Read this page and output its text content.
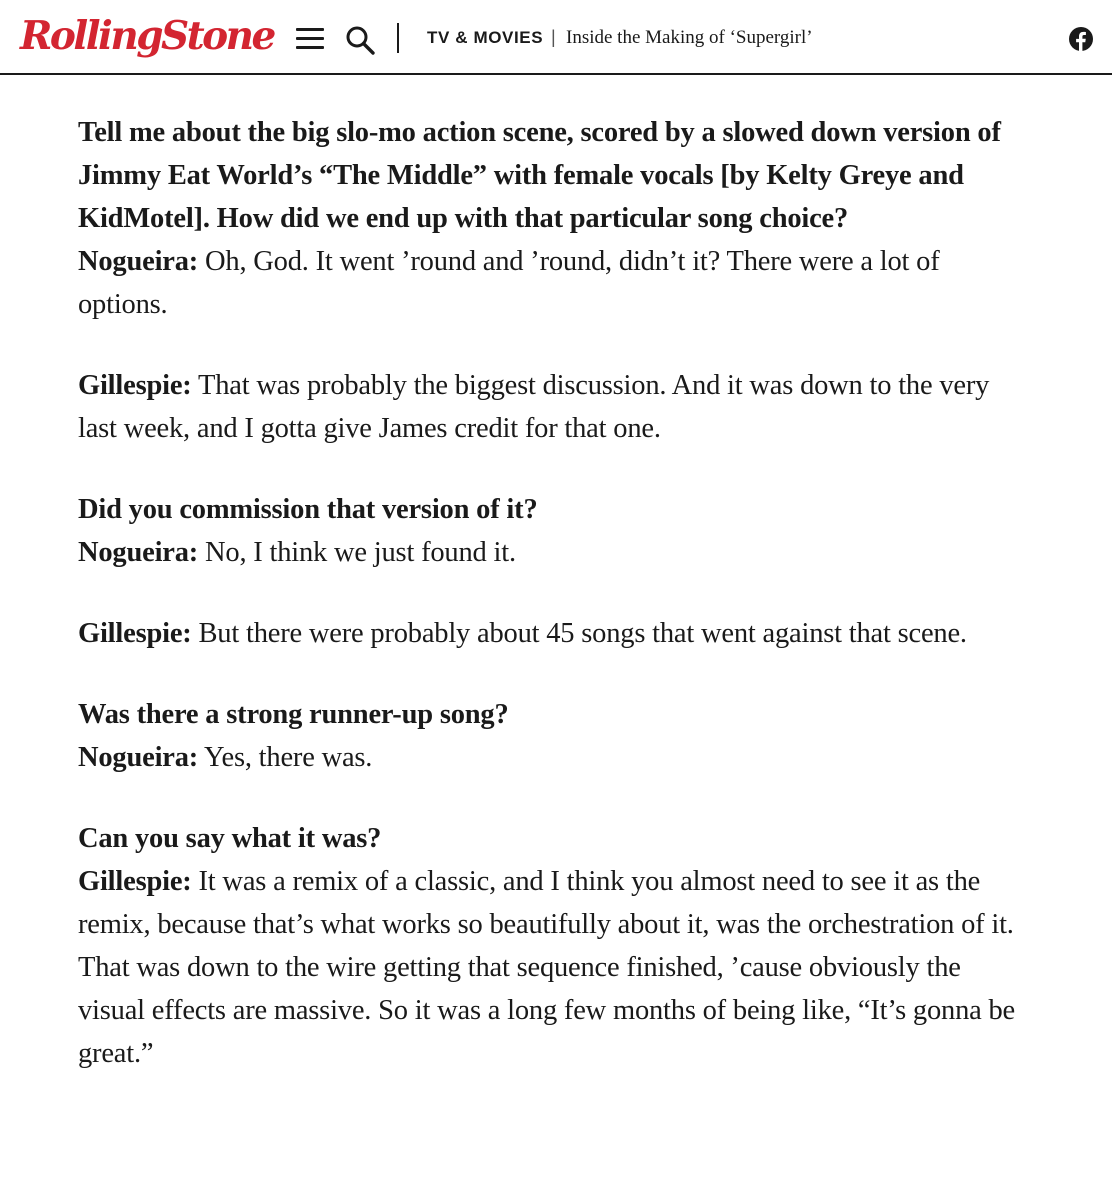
RollingStone	TV & MOVIES | Inside the Making of ‘Supergirl’

Tell me about the big slo-mo action scene, scored by a slowed down version of Jimmy Eat World’s “The Middle” with female vocals [by Kelty Greye and KidMotel]. How did we end up with that particular song choice?

Nogueira: Oh, God. It went ’round and ’round, didn’t it? There were a lot of options.

Gillespie: That was probably the biggest discussion. And it was down to the very last week, and I gotta give James credit for that one.

Did you commission that version of it?

Nogueira: No, I think we just found it.

Gillespie: But there were probably about 45 songs that went against that scene.

Was there a strong runner-up song?

Nogueira: Yes, there was.

Can you say what it was?

Gillespie: It was a remix of a classic, and I think you almost need to see it as the remix, because that’s what works so beautifully about it, was the orchestration of it. That was down to the wire getting that sequence finished, ’cause obviously the visual effects are massive. So it was a long few months of being like, “It’s gonna be great.”
